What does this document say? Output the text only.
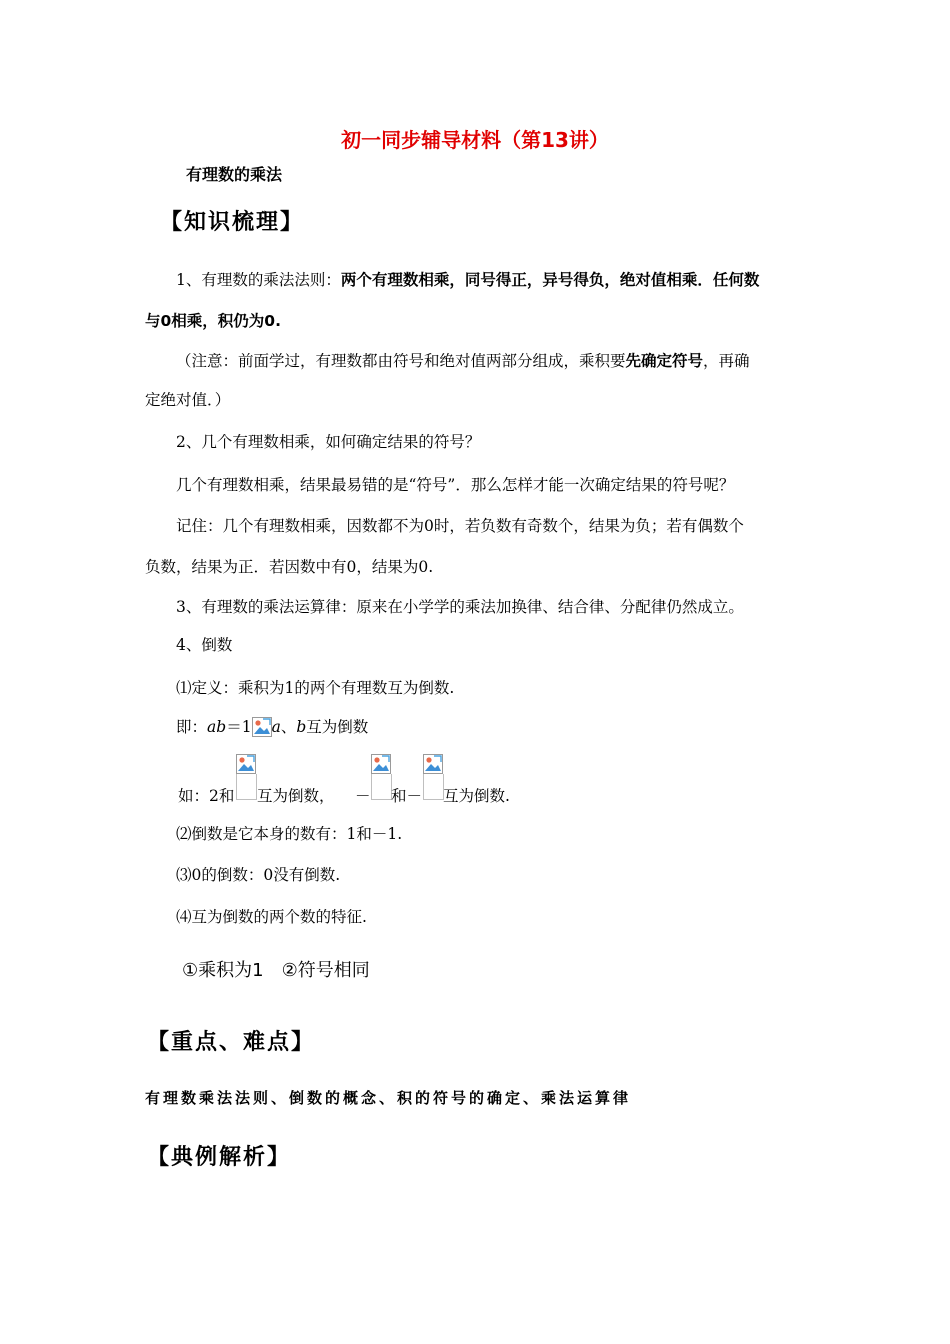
初一同步辅导材料（第13讲）
有理数的乘法
【知识梳理】
1、有理数的乘法法则：两个有理数相乘，同号得正，异号得负，绝对值相乘．任何数
与0相乘，积仍为0.
（注意：前面学过，有理数都由符号和绝对值两部分组成，乘积要先确定符号，再确
定绝对值．）
2、几个有理数相乘，如何确定结果的符号？
几个有理数相乘，结果最易错的是“符号”．那么怎样才能一次确定结果的符号呢？
记住：几个有理数相乘，因数都不为0时，若负数有奇数个，结果为负；若有偶数个
负数，结果为正．若因数中有0，结果为0.
3、有理数的乘法运算律：原来在小学学的乘法加换律、结合律、分配律仍然成立。
4、倒数
⑴定义：乘积为1的两个有理数互为倒数.
即：ab＝1 a、b互为倒数
如：2和 互为倒数， － 和－ 互为倒数.
⑵倒数是它本身的数有：1和－1.
⑶0的倒数：0没有倒数.
⑷互为倒数的两个数的特征.
①乘积为1　②符号相同
【重点、难点】
有理数乘法法则、倒数的概念、积的符号的确定、乘法运算律
【典例解析】
